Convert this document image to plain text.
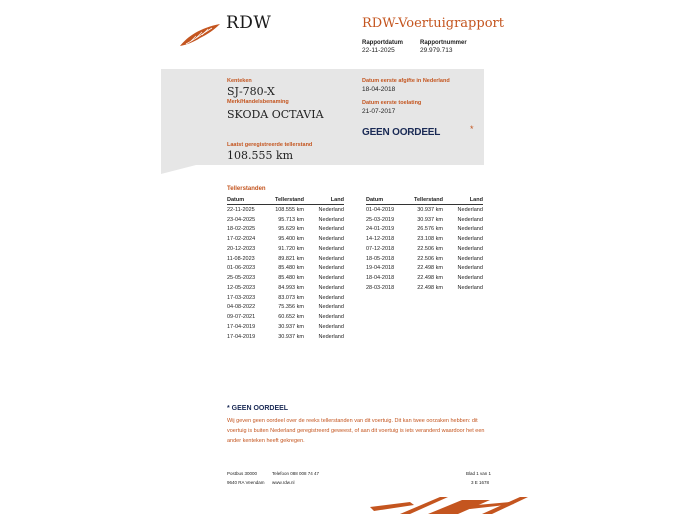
RDW	RDW-Voertuigrapport
Rapportdatum
22-11-2025
Rapportnummer
29.979.713
Kenteken
SJ-780-X
Merk/Handelsbenaming
SKODA OCTAVIA
Laatst geregistreerde tellerstand
108.555 km
Datum eerste afgifte in Nederland
18-04-2018
Datum eerste toelating
21-07-2017
GEEN OORDEEL	*
Tellerstanden
Datum	Tellerstand	Land
22-11-2025	108.555 km	Nederland
23-04-2025	95.713 km	Nederland
18-02-2025	95.629 km	Nederland
17-02-2024	95.400 km	Nederland
20-12-2023	91.720 km	Nederland
11-08-2023	89.821 km	Nederland
01-06-2023	85.480 km	Nederland
25-05-2023	85.480 km	Nederland
12-05-2023	84.993 km	Nederland
17-03-2023	83.073 km	Nederland
04-08-2022	75.356 km	Nederland
09-07-2021	60.652 km	Nederland
17-04-2019	30.937 km	Nederland
17-04-2019	30.937 km	Nederland
Datum	Tellerstand	Land
01-04-2019	30.937 km	Nederland
25-03-2019	30.937 km	Nederland
24-01-2019	26.576 km	Nederland
14-12-2018	23.108 km	Nederland
07-12-2018	22.506 km	Nederland
18-05-2018	22.506 km	Nederland
19-04-2018	22.498 km	Nederland
18-04-2018	22.498 km	Nederland
28-03-2018	22.498 km	Nederland
* GEEN OORDEEL
Wij geven geen oordeel over de reeks tellerstanden van dit voertuig. Dit kan twee oorzaken hebben: dit voertuig is buiten Nederland geregistreerd geweest, of aan dit voertuig is iets veranderd waardoor het een ander kenteken heeft gekregen.
Postbus 30000
9640 RA Veendam
Telefoon 088 008 74 47
www.rdw.nl
Blad 1 van 1
3 E 1678
